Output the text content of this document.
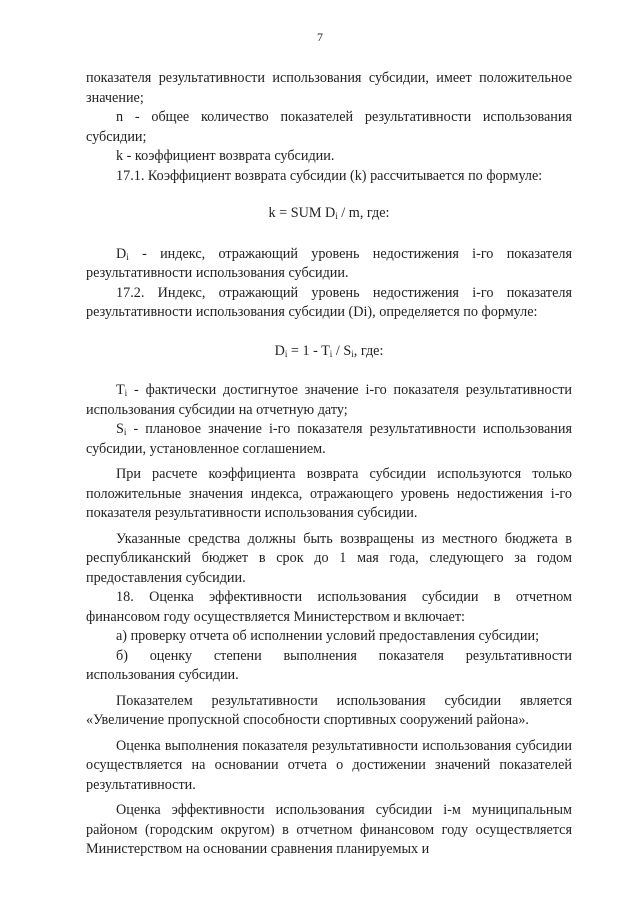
7

показателя результативности использования субсидии, имеет положительное значение;

n - общее количество показателей результативности использования субсидии;

k - коэффициент возврата субсидии.

17.1. Коэффициент возврата субсидии (k) рассчитывается по формуле:

k = SUM $D_i$ / m, где:

$D_i$ - индекс, отражающий уровень недостижения i-го показателя результативности использования субсидии.

17.2. Индекс, отражающий уровень недостижения i-го показателя результативности использования субсидии (Di), определяется по формуле:

$D_i = 1 - T_i / S_i$, где:

$T_i$ - фактически достигнутое значение i-го показателя результативности использования субсидии на отчетную дату;

$S_i$ - плановое значение i-го показателя результативности использования субсидии, установленное соглашением.

При расчете коэффициента возврата субсидии используются только положительные значения индекса, отражающего уровень недостижения i-го показателя результативности использования субсидии.

Указанные средства должны быть возвращены из местного бюджета в республиканский бюджет в срок до 1 мая года, следующего за годом предоставления субсидии.

18. Оценка эффективности использования субсидии в отчетном финансовом году осуществляется Министерством и включает:

а) проверку отчета об исполнении условий предоставления субсидии;

б) оценку степени выполнения показателя результативности использования субсидии.

Показателем результативности использования субсидии является «Увеличение пропускной способности спортивных сооружений района».

Оценка выполнения показателя результативности использования субсидии осуществляется на основании отчета о достижении значений показателей результативности.

Оценка эффективности использования субсидии i-м муниципальным районом (городским округом) в отчетном финансовом году осуществляется Министерством на основании сравнения планируемых и
